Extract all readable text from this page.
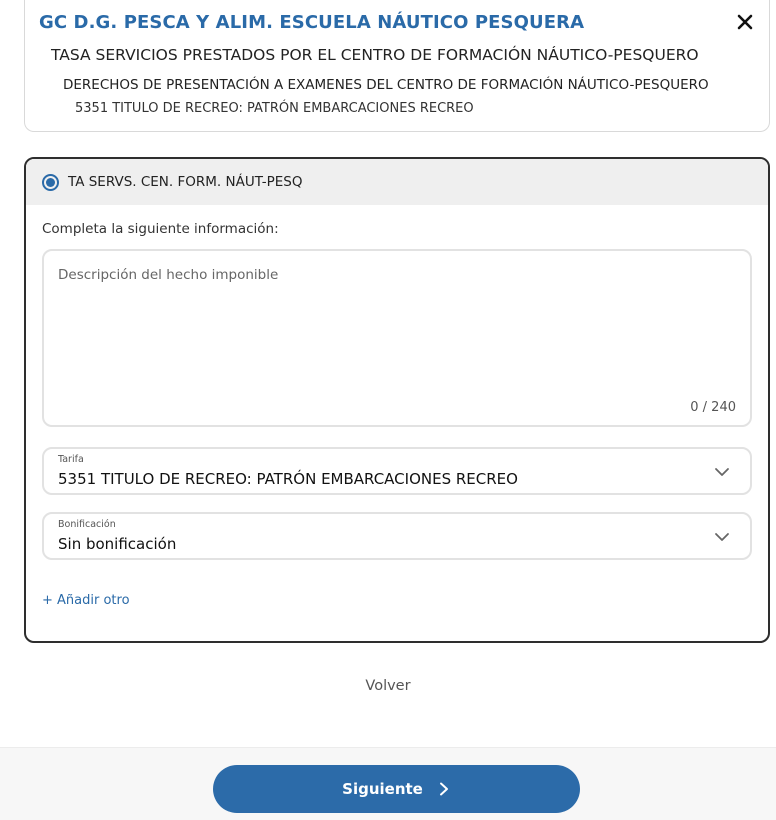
GC D.G. PESCA Y ALIM. ESCUELA NÁUTICO PESQUERA
TASA SERVICIOS PRESTADOS POR EL CENTRO DE FORMACIÓN NÁUTICO-PESQUERO
DERECHOS DE PRESENTACIÓN A EXAMENES DEL CENTRO DE FORMACIÓN NÁUTICO-PESQUERO
5351 TITULO DE RECREO: PATRÓN EMBARCACIONES RECREO
TA SERVS. CEN. FORM. NÁUT-PESQ
Completa la siguiente información:
Descripción del hecho imponible
0 / 240
Tarifa
5351 TITULO DE RECREO: PATRÓN EMBARCACIONES RECREO
Bonificación
Sin bonificación
+ Añadir otro
Volver
Siguiente
